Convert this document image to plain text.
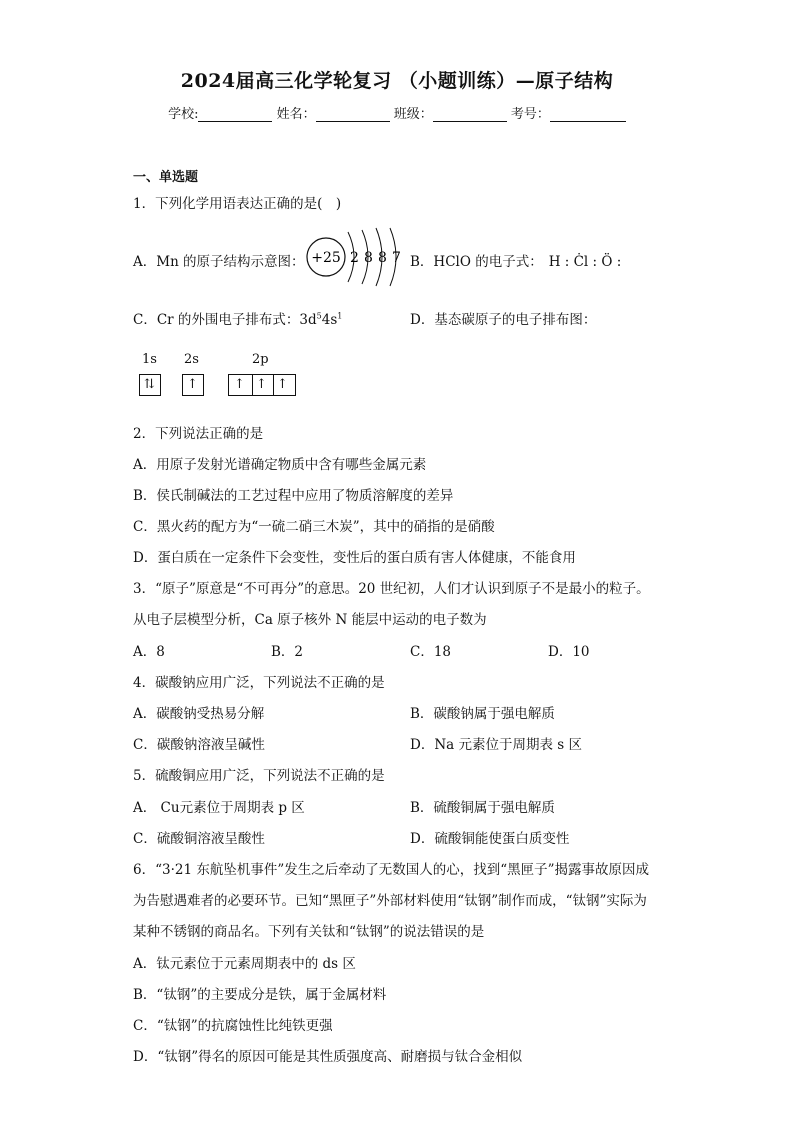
2024届高三化学轮复习 （小题训练）—原子结构
学校:	姓名：	班级：	考号：
一、单选题
1．下列化学用语表达正确的是(　)
A．Mn 的原子结构示意图： +25 2 8 8 7 B．HClO 的电子式： H : Ċl : Ö :
C．Cr 的外围电子排布式：$3d^54s^1$	D．基态碳原子的电子排布图：
1s 2s	2p
⇅ ↑	↑ ↑ ↑
2．下列说法正确的是
A．用原子发射光谱确定物质中含有哪些金属元素
B．侯氏制碱法的工艺过程中应用了物质溶解度的差异
C．黑火药的配方为“一硫二硝三木炭”，其中的硝指的是硝酸
D．蛋白质在一定条件下会变性，变性后的蛋白质有害人体健康，不能食用
3．“原子”原意是“不可再分”的意思。20 世纪初，人们才认识到原子不是最小的粒子。
从电子层模型分析，Ca 原子核外 N 能层中运动的电子数为
A．8	B．2	C．18	D．10
4．碳酸钠应用广泛，下列说法不正确的是
A．碳酸钠受热易分解	B．碳酸钠属于强电解质
C．碳酸钠溶液呈碱性	D．Na 元素位于周期表 s 区
5．硫酸铜应用广泛，下列说法不正确的是
A． Cu元素位于周期表 p 区	B．硫酸铜属于强电解质
C．硫酸铜溶液呈酸性	D．硫酸铜能使蛋白质变性
6．“3·21 东航坠机事件”发生之后牵动了无数国人的心，找到“黑匣子”揭露事故原因成
为告慰遇难者的必要环节。已知“黑匣子”外部材料使用“钛钢”制作而成，“钛钢”实际为
某种不锈钢的商品名。下列有关钛和“钛钢”的说法错误的是
A．钛元素位于元素周期表中的 ds 区
B．“钛钢”的主要成分是铁，属于金属材料
C．“钛钢”的抗腐蚀性比纯铁更强
D．“钛钢”得名的原因可能是其性质强度高、耐磨损与钛合金相似
